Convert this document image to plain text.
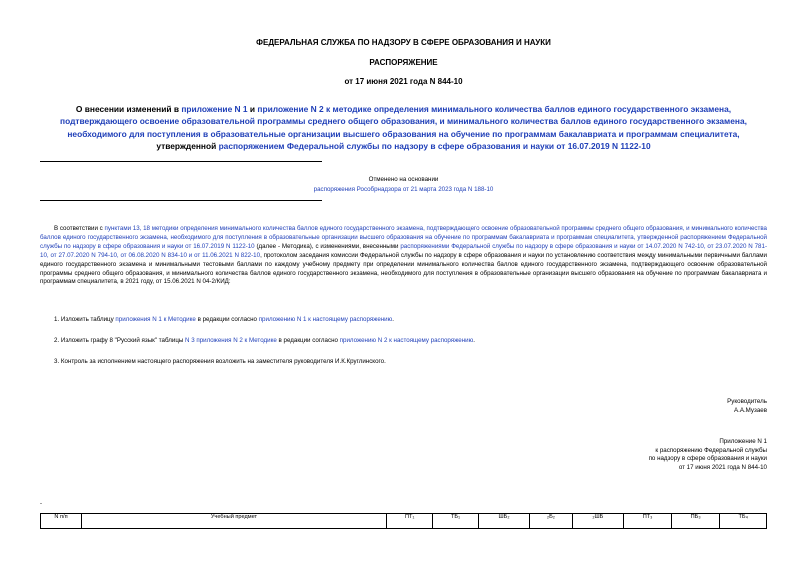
ФЕДЕРАЛЬНАЯ СЛУЖБА ПО НАДЗОРУ В СФЕРЕ ОБРАЗОВАНИЯ И НАУКИ
РАСПОРЯЖЕНИЕ
от 17 июня 2021 года N 844-10
О внесении изменений в приложение N 1 и приложение N 2 к методике определения минимального количества баллов единого государственного экзамена, подтверждающего освоение образовательной программы среднего общего образования, и минимального количества баллов единого государственного экзамена, необходимого для поступления в образовательные организации высшего образования на обучение по программам бакалавриата и программам специалитета, утвержденной распоряжением Федеральной службы по надзору в сфере образования и науки от 16.07.2019 N 1122-10
Отменено на основании
распоряжения Рособрнадзора от 21 марта 2023 года N 188-10
В соответствии с пунктами 13, 18 методики определения минимального количества баллов единого государственного экзамена, подтверждающего освоение образовательной программы среднего общего образования, и минимального количества баллов единого государственного экзамена, необходимого для поступления в образовательные организации высшего образования на обучение по программам бакалавриата и программам специалитета, утвержденной распоряжением Федеральной службы по надзору в сфере образования и науки от 16.07.2019 N 1122-10 (далее - Методика), с изменениями, внесенными распоряжениями Федеральной службы по надзору в сфере образования и науки от 14.07.2020 N 742-10, от 23.07.2020 N 781-10, от 27.07.2020 N 794-10, от 06.08.2020 N 834-10 и от 11.06.2021 N 822-10, протоколом заседания комиссии Федеральной службы по надзору в сфере образования и науки по установлению соответствия между минимальными первичными баллами единого государственного экзамена и минимальными тестовыми баллами по каждому учебному предмету при определении минимального количества баллов единого государственного экзамена, подтверждающего освоение образовательной программы среднего общего образования, и минимального количества баллов единого государственного экзамена, необходимого для поступления в образовательные организации высшего образования на обучение по программам бакалавриата и программам специалитета, в 2021 году, от 15.06.2021 N 04-2/КИД:
1. Изложить таблицу приложения N 1 к Методике в редакции согласно приложению N 1 к настоящему распоряжению.
2. Изложить графу 8 "Русский язык" таблицы N 3 приложения N 2 к Методике в редакции согласно приложению N 2 к настоящему распоряжению.
3. Контроль за исполнением настоящего распоряжения возложить на заместителя руководителя И.К.Круглинского.
Руководитель
А.А.Музаев
Приложение N 1
к распоряжению Федеральной службы
по надзору в сфере образования и науки
от 17 июня 2021 года N 844-10
-
N п/п	Учебный предмет	ПТ₁	ТБ₁	ШБ₂	₂Б₂	₂ШБ	ПТ₃	ПБ₃	ТБ₄
